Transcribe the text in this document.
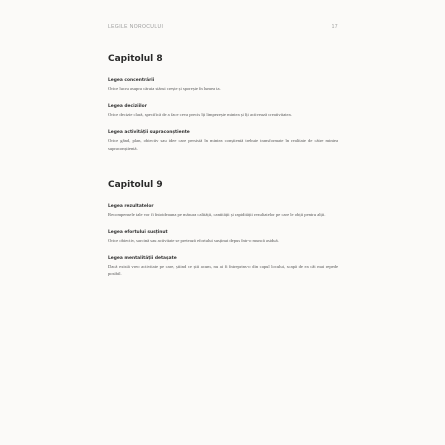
LEGILE NOROCULUI	17
Capitolul 8
Legea concentrării
Orice lucru asupra căruia stărui crește și sporește în lumea ta.
Legea deciziilor
Orice decizie clară, specifică de a face ceva precis îți limpezește mintea și îți activează creativitatea.
Legea activității supraconștiente
Orice gând, plan, obiectiv sau idee care persistă în mintea conștientă trebuie transformate în realitate de către mintea supraconștientă.
Capitolul 9
Legea rezultatelor
Recompensele tale vor fi întotdeauna pe măsura calității, cantității și rapidității rezultatelor pe care le obții pentru alții.
Legea efortului susținut
Orice obiectiv, sarcină sau activitate se pretează efortului susținut depus într-o muncă asiduă.
Legea mentalității detașate
Dacă există vreo activitate pe care, știind ce știi acum, nu ai fi întreprins-o din capul locului, scapă de ea cât mai repede posibil.
